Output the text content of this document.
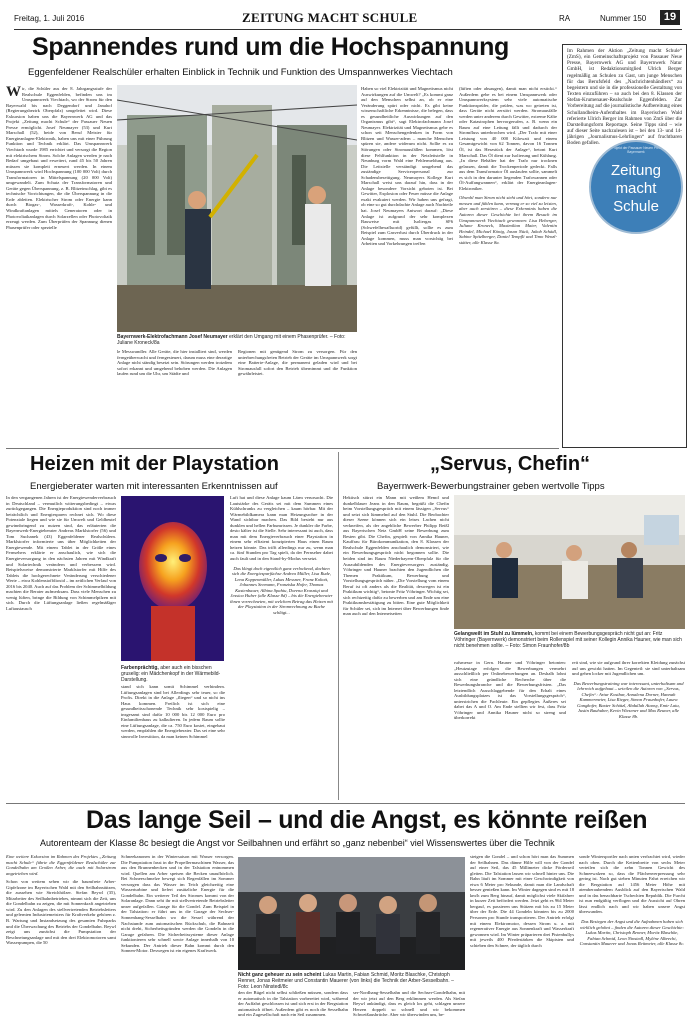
Freitag, 1. Juli 2016	ZEITUNG MACHT SCHULE	RA	Nummer 150	19
Spannendes rund um die Hochspannung
Eggenfeldener Realschüler erhalten Einblick in Technik und Funktion des Umspannwerkes Viechtach
W ir, die Schüler aus der 8. Jahrgangsstufe der Realschule Eggenfelden, befinden uns im Umspannwerk Viechtach, wo der Strom für den Bayerwald bis nach Deggendorf und Janahof (Regierungsbezirk Oberpfalz) umgeleitet wird. Diese Exkursion haben uns die Bayernwerk AG und das Projekt „Zeitung macht Schule“ der Passauer Neuen Presse ermöglicht. Josef Neumayer (53) und Kurt Marschall (52), beide von Beruf Meister für Energieanlagen-Elektronik, haben uns mit einer Führung Funktion und Technik erklärt. Das Umspannwerk Viechtach wurde 1985 errichtet und versorgt die Region mit elektrischem Strom. Solche Anlagen werden je nach Bedarf umgebaut und erweitert, rund 45 bis 50 Jahren müssen sie komplett erneuert werden. In einem Umspannwerk wird Hochspannung (100 000 Volt) durch Transformatoren in Mittelspannung (20 000 Volt) umgewandelt. Zum Schutz der Transformatoren und Geräte gegen Überspannung, z. B. Blitzeinschlag, gibt es technische Vorrichtungen, die die Überspannung in die Erde ableiten. Elektrischer Strom oder Energie kann durch Biogas-, Wasserkraft-, Kohle- und Windkraftanlagen mittels Generatoren oder in Photovoltaikanlagen durch Solarzellen oder Photovoltaik erzeugt werden. Zum Überprüfen der Spannung dienen Phasenprüfer oder spezielle
Bayernwerk-Elektrofachmann Josef Neumayer erklärt den Umgang mit einem Phasenprüfer. – Foto: Juliane Kroneck/8a
le Messwandler. Alle Geräte, die hier installiert sind, werden ferngeüberwacht und ferngesteuert, darum muss eine derartige Anlage nicht ständig besetzt sein. Störungen werden trotzdem sofort erkannt und umgehend behoben werden. Die Anlagen laufen rund um die Uhr, um Städte und
Regionen mit genügend Strom zu versorgen. Für den unterbrechungsfreien Betrieb der Geräte im Umspannwerk sorgt eine Batterie-Anlage, die permanent geladen wird und bei Stromausfall sofort den Betrieb übernimmt und die Funktion gewährleistet.
Haben so viel Elektrizität und Magnetismus nicht Auswirkungen auf die Umwelt? „Es kommt ganz auf den Menschen selbst an, ob er eine Veränderung spürt oder nicht. Es gibt keine wissenschaftliche Erkenntnisse, die belegen, dass es gesundheitliche Auswirkungen auf den Organismus gibt“, sagt Elektrofachmann Josef Neumayer. Elektrizität und Magnetismus gebe es schon seit Menschengedenken in Form von Blitzen und Wasser-adern – manche Menschen spüren sie, andere widerum nicht. Sollte es zu Störungen oder Stromausfällen kommen, löst diese Fehlfunktion in der Netzleitstelle in Neunburg vorm Wald eine Fehlermeldung aus. Die Leitstelle verständigt umgehend das zuständige Serviceopersonal zur Schadensbeseitigung. Neumayers Kollege Kurt Marschall weist uns darauf hin, dass in der Anlage besondere Vorsicht geboten ist. Bei Gewitter, Explosion oder Feuer müsse die Anlage exakt evakuiert werden. Wir haben uns gefragt, ob eine so gut durchdachte Anlage auch Nachteile hat. Josef Neumayers Antwort darauf: „Diese Anlage ist aufgrund der sehr komplexen Bauweise mit Isoliergas SF6 (Schwefelhexafluorid) gefüllt, sollte es zum Beispiel zum Gasverlust durch Überdruck in der Anlage kommen, muss man vorsichtig bei Arbeiten und Vorkehrungen treffen
(lüften oder absaugen), damit man nicht erstickt.“ Außerdem gebe es bei einem Umspannwerk oder Umspannwerksystem sehr viele automatische Funktionsprüfer, die prüfen, was wo getreten ist, dass Geräte nicht zerstört werden. Stromausfälle werden unter anderem durch Gewitter, extreme Kälte oder Katastrophen hervorgerufen, z. B. wenn ein Baum auf eine Leitung fällt und dadurch der Stromfluss unterbrochen wird. „Der Trafo mit einer Leistung von 40 000 Kilowatt und einem Gesamtgewicht von 62 Tonnen, davon 16 Tonnen Öl, ist das Herzstück der Anlage“, betont Kurt Marschall. Das Öl dient zur Isolierung und Kühlung. „In diese Behälter hat der Trafo nur trocknen gelassen, damit die Trockenperiode gedeckt. Falls aus dem Transformator Öl auslaufen sollte, sammelt es sich in den darunter liegenden Trafowannen oder Öl-Auffangwannen“, erklärt der Energieanlagen-Elektroniker.
Obwohl man Strom nicht sieht und hört, sondern nur messen und fühlen kann, vermag er so viel zu leisten, aber auch zerstören – diese Erkenntnis haben die Autoren dieser Geschichte bei ihrem Besuch im Umspannwerk Viechtach gewonnen: Lisa Heberger, Juliane Kroneck, Maximilian Maier, Valentin Heindel, Michael König, Jason Nück, Jakob Schädl, Sabine Spitzlberger, Daniel Tempfli und Timo Wenzl-stätter, alle Klasse 8a.
Im Rahmen der Aktion „Zeitung macht Schule“ (ZmS), ein Gemeinschaftsprojekt von Passauer Neue Presse, Bayernwerk AG und Bayernwerk Natur GmbH, ist Redaktionsmitglied Ulrich Berger regelmäßig an Schulen zu Gast, um junge Menschen für das Berufsfeld des „Nachrichtenhändlers“ zu begeistern und sie in die professionelle Gestaltung von Texten einzuführen – so auch bei den 8. Klassen der Stefan-Krumenauer-Realschule Eggenfelden. Zur Vorbereitung auf die journalistische Aufbereitung eines Schullandheim-Aufenthaltes im Bayerischen Wald referierte Ulrich Berger im Rahmen von ZmS über die Darstellungsform Reportage. Seine Tipps sind – wie auf dieser Seite nachzulesen ist – bei den 13- und 14-jährigen „Journalismus-Lehrlingen“ auf fruchtbaren Boden gefallen.
Ein Projekt der Passauer Neuen Presse · Bayernwerk
Zeitung
macht
Schule
Heizen mit der Playstation
Energieberater warten mit interessanten Erkenntnissen auf
In den vergangenen Jahren ist der Energiewenderverbrauch in Deutschland – vermutlich witterungsbedingt – etwas zurückgegangen. Die Energieproduktion sind noch immer beträchtlich und Energiesparen rechnet sich. Wo diese Potenziale liegen und wie sie für Umwelt und Geldbeutel gewinnbringend zu nutzen sind, das erläuterten die Bayernwerk-Energieberater Andreas Marklstorfer (56) und Tom Suchanek (43) Eggenfeldener Realschülern. Marklstorfer informierte uns über Möglichkeiten der Energiewende. Mit einem Tablet in der Größe eines Fernsehers erklärte er anschaulich, wie sich die Energieversorgung in den nächsten Jahren mit Windkraft und Solartechnik verändern und verbessern wird. Beispielsweise demonstrierte Marklstorfer mit Hilfe des Tablets die hochgerechnete Veränderung verschiedener Werte – etwa Kohlenstoffdioxid – im zeitlichen Verlauf von 2016 bis 2040. Auch auf das Problem der Schimmelbildung machten die Berater aufmerksam. Dass viele Menschen zu wenig lüften, bringe die Bildung von Schimmelpilzen mit sich. Durch die Lüftungsanlage ließen regelmäßiger Luftaustausch
Farbenprächtig, aber auch ein bisschen gruselig: ein Mädchenkopf in der Wärmebild-Darstellung.
stand sich kann somit Schimmel verhindern. Lüftungsanlagen sind bei Allerdings sehr teuer, so die Profis. Direkt in die Anlage „fliegen“ und so nicht ins Haus kommen. Freilich ist sich eine gesundheitsschonende Technik sehr kostspielig – insgesamt sind dafür 10 000 bis 12 000 Euro pro Einfamilienhaus zu kalkulieren. In jedem Raum sollte eine Lüftungsanlage, die ca. 750 Euro kostet, eingebaut werden, empfahlen die Energieberater. Das sei eine sehr sinnvolle Investition, da man keinen Schimmel
Luft hat und diese Anlage kaum Lärm verursacht. Die Lautstärke des Geräts sei mit dem Summen eines Kühlschranks zu vergleichen – kaum hörbar. Mit der Wärmebildkamera kann man Heizungsrohre in der Wand sichtbar machen. Das Bild besteht nur aus dunklen und hellen Farbumrissen. Je dunkler die Farbe, desto kälter ist die Stelle. Sehr interessant ist auch, dass man mit dem Energieverbrauch einer Playstation in einem sehr effizient konzipierten Haus einen Raum heizen könnte. Das trifft allerdings nur zu, wenn man ca. fünf Stunden pro Tag spielt, da der Fernseher dabei auch fault und in den Stand-by-Modus versetzt.
Das klingt doch eigentlich ganz verlockend, dachten sich die Energiesparfüchse Andrea Müller, Lisa Rude, Lena Koppenmüller, Lukas Messner, Franz Kokott, Johannes Seemann, Franziska Hofer, Thomas Kastenbauer, Albina Spahiu, Dorena Krasniqi und Jessica Huber (alle Klasse 8d) – bis die Energieberater ihnen vorrechneten, mit welchem Betrag das Heizen mit der Playstation in der Stromrechnung zu Buche schlägt...
„Servus, Chefin“
Bayernwerk-Bewerbungstrainer geben wertvolle Tipps
Hektisch stürzt ein Mann mit weißem Hemd und dunkelblauer Jeans in den Raum, begrüßt die Chefin beim Vorstellungsgespräch mit einem lässigen „Servus“ und setzt sich lümmelnd auf den Stuhl. Die Beobachter dieser Szene können sich ein leises Lachen nicht verkneifen, als der angebliche Bewerber Philipp Beißl aus Bayerischen Netz GmbH seine Bewerbung zum Besten gibt. Die Chefin, gespielt von Annika Hauner, Kauffrau für Bürokommunikation, den 8. Klassen der Realschule Eggenfelden anschaulich demonstriert, wie ein Bewerbungsgespräch nicht begonnen sollte. Die beiden sind im Raum Niederbayern-Oberpfalz für die Auszubildenden des Energieversorgers zuständig. Vöhringer und Hauner brachten den Jugendlichen die Themen Praktikum, Bewerbung und Vorstellungsgespräch näher. „Die Vorstellung vom einem Beruf ist oft anders als die Realität, deswegen ist ein Praktikum wichtig“, betonte Fritz Vöhringer. Wichtig sei, sich rechtzeitig dafür zu bewerben und am Ende um eine Praktikumsbestätigung zu bitten. Eine gute Möglichkeit für Schüler sei, sich im Internet über Bewerbungen finde man auch auf den Internetseiten
Gelangweilt im Stuhl zu lümmeln, kommt bei einem Bewerbungsgespräch nicht gut an: Fritz Vöhringer (Bayernwerk) demonstriert beim Rollenspiel mit seiner Kollegin Annika Hauner, wie man sich nicht benehmen sollte. – Foto: Simon Fraunhofer/8b
rufsmesse in Gern. Hauner und Vöhringer betonten: „Heutzutage erfolgen die Bewerbungen vermehrt ausschließlich per Onlinebewerbungen an. Deshalb lohnt sich eine gründliche Recherche über die Bewerbungsbranche und die Bewerbungsfristen. „Das letztendlich Ausschlaggebende für den Erhalt eines Ausbildungsplatzes ist das Vorstellungsgespräch“, unterstrichen die Fachleute. Ein gepflegtes Äußeres sei dabei das A und O. Am Ende stellten wir fest, dass Fritz Vöhringer und Annika Hauner nicht so streng und überkorrekt
reit sind, wie sie aufgrund ihrer korrekten Kleidung zunächst auf uns gewirkt hatten. Im Gegenteil: sie sind unterhaltsam und gehen locker mit Jugendlichen um.
Das Bewerbungstraining war interessant, unterhaltsam und lehrreich aufgebaut – urteilen die Autoren von „Servus, Chefin“: Artur Kostbar, Annalena Dorner, Hannah Kammermeier, Lisa Rieger, Simon Fraunhofer, Laura Gangkofer, Baxter Schätzl, Abdullah Ataosy, Emir Latu, Justin Bauhuber, Kevin Wiesener und Max Reuner, alle Klasse 8b.
Das lange Seil – und die Angst, es könnte reißen
Autorenteam der Klasse 8c besiegt die Angst vor Seilbahnen und erfährt so „ganz nebenbei“ viel Wissenswertes über die Technik
Eine weitere Exkursion im Rahmen des Projektes „Zeitung macht Schule“ führte die Eggenfeldener Realschüler zur Gondelbahn am Großen Arber, die auch mit Solarstrom angetrieben wird.
Schon von weitem sehen wir die baumfreie Arber-Gipfelzone im Bayerischen Wald mit den Seilbahnstützen, die aussehen wie Streichhölzer. Stefan Beywl (35), Mitarbeiter des Seilbahnbetriebes, nimmt sich die Zeit, uns die Gondelbahn zu zeigen, die mit Sonnenkraft angetrieben wird. Zu den Anlagen des stellvertretenden Betriebsleiters und gelernten Industriemeisters für Kraftverkehr gehören z. B. Wartung und Instandsetzung des gesamten Fuhrparks und die Überwachung des Betriebs der Gondelbahn. Beywl zeigt uns zunächst die Pumpstation der Beschneiungsanlage und mit den drei Elektromotoren samt Wasserpumpen, die 50
Schneekanonen in der Wintersaison mit Wasser versorgen. Die Pumpstation fasst in die Propellermaschinen Wasser, das aus den Brunnenbecken und in der Talstation entnommen wird. Quellen am Arber speisen die Becken unaufhörlich. Bei Schneeschmelze bewegt sich Regenfällen im Sommer versorgen dass das Wasser im Teich gleichzeitig eine Wasserturbine und liefert zusätzliche Energie für die Gondelbahn. Ein weiterer Teil des Stromes kommt von der Solaranlage. Dann seht ihr mit stellvertretende Betriebsleiter unser aufgefallen. Garage für die Gondel. Zum Beispiel in der Talstation: er führt uns in die Garage der Sechser-Sonnenhang-Sesselbahn wo die Sessel während der Nachstunde zum automatischen Rückschub, die Bahnzeit nicht dreht, Sicherheitsgründen werden die Gondeln in die Garage gefahren. Die Sicherheitssysteme dieser Anlage funktionieren sehr schnell sowie Anlage innerhalb von 10 Sekunden. Der Antrieb dieser Bahn kommt durch den Sonnen-Motor. Deswegen ist ein eigenes Kraftwerk.
Nicht ganz geheuer zu sein scheint Lukas Martin, Fabian Schmid, Moritz Blaschke, Christoph Renner, Jonas Reitmeier und Constantin Mauerer (von links) die Technik der Arber-Sesselbahn. – Foto: Leon Ninstedl/8c
den der Bügel nicht selbst schließen müssen, sondern dass er automatisch in die Talstation vorbereitet wird, während der Auffahrt geschlossen ist und sich erst in der Bergstation automatisch öffnet. Außerdem gibt es noch die Sesselbahn und ein Zugesellschaft nach ein Seil zusammen.
ser-Nordhang-Sesselbahn und die Sechser-Gondelbahn, mit der wir jetzt auf den Berg erklimmen werden. Als Stefan Beywl ankündigt, dass es gleich los geht, schlagen unsere Herzen doppelt so schnell und wir bekommen Schweißausbrüche. Aber wir überwinden uns, be-
steigen die Gondel – und schon hört man das Summen der Seilbahnen. Das dünne Hilfe will von der Gondel auf einer Seil, das 45 Millimeter dicke Förderseil gleiten. Die Talstation lassen wir schnell hinter uns. Die Bahn läuft im Sommer mit einer Geschwindigkeit von etwa 6 Meter pro Sekunde, damit man die Landschaft besser genießen kann. Im Winter dagegen sind es mit 18 km/h zum Berg hinauf, damit möglichst viele Skifahrer in kurzer Zeit befördert werden. Jetzt geht es 964 Meter bergauf, es passieren uns Stützen mit bis zu 15 Meter über der Erde. Die 44 Gondeln könnten bis zu 2000 Personen pro Stunde transportieren. Der Antrieb erfolgt mit einem Elektromotor, dessen Strom u. a. mit regenerativer Energie aus Sonnenkraft und Wasserkraft gewonnen wird. Im Winter präparieren drei Pistenbullys mit jeweils 400 Pferdestärken die Skipisten und schieben den Schnee, der täglich durch
sonde Wintersportler nach unten verfrachtet wird, wieder nach oben. Durch die Kettenbreite von sechs Meter verteilen sich die zehn Tonnen Gewicht des Schneewalzen so, dass die Flächenverpressung sehr gering ist. Nach gut sieben Minuten Fahrt erreichen wir die Bergstation auf 1456 Meter Höhe mit atemberaubendem Ausblick auf den Bayerischen Wald und in das benachbarte Tschechien Republik. Die Furcht ist nun endgültig verflogen und die Aussicht auf Ohren lässt endlich nach und wir haben unsere Angst überwunden.
Das Besiegen der Angst und die Aufnahmen haben sich wirklich gelohnt – finden die Autoren dieser Geschichte: Lukas Martin, Christoph Renner, Moritz Blaschke, Fabian Schmid, Leon Ninstedl, Myléne Albrecht, Constantin Mauerer und Jonas Reitmeier, alle Klasse 8c.
